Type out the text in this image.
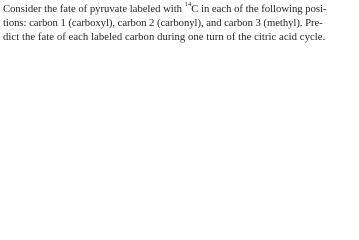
Consider the fate of pyruvate labeled with $^{14}$C in each of the following posi-
tions: carbon 1 (carboxyl), carbon 2 (carbonyl), and carbon 3 (methyl). Pre-
dict the fate of each labeled carbon during one turn of the citric acid cycle.
